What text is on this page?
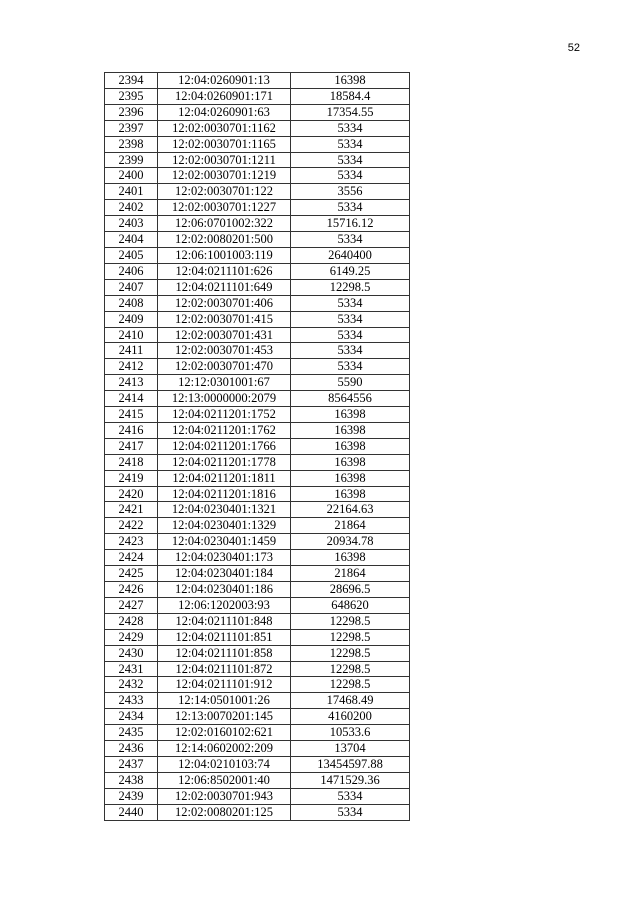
52
2394	12:04:0260901:13	16398
2395	12:04:0260901:171	18584.4
2396	12:04:0260901:63	17354.55
2397	12:02:0030701:1162	5334
2398	12:02:0030701:1165	5334
2399	12:02:0030701:1211	5334
2400	12:02:0030701:1219	5334
2401	12:02:0030701:122	3556
2402	12:02:0030701:1227	5334
2403	12:06:0701002:322	15716.12
2404	12:02:0080201:500	5334
2405	12:06:1001003:119	2640400
2406	12:04:0211101:626	6149.25
2407	12:04:0211101:649	12298.5
2408	12:02:0030701:406	5334
2409	12:02:0030701:415	5334
2410	12:02:0030701:431	5334
2411	12:02:0030701:453	5334
2412	12:02:0030701:470	5334
2413	12:12:0301001:67	5590
2414	12:13:0000000:2079	8564556
2415	12:04:0211201:1752	16398
2416	12:04:0211201:1762	16398
2417	12:04:0211201:1766	16398
2418	12:04:0211201:1778	16398
2419	12:04:0211201:1811	16398
2420	12:04:0211201:1816	16398
2421	12:04:0230401:1321	22164.63
2422	12:04:0230401:1329	21864
2423	12:04:0230401:1459	20934.78
2424	12:04:0230401:173	16398
2425	12:04:0230401:184	21864
2426	12:04:0230401:186	28696.5
2427	12:06:1202003:93	648620
2428	12:04:0211101:848	12298.5
2429	12:04:0211101:851	12298.5
2430	12:04:0211101:858	12298.5
2431	12:04:0211101:872	12298.5
2432	12:04:0211101:912	12298.5
2433	12:14:0501001:26	17468.49
2434	12:13:0070201:145	4160200
2435	12:02:0160102:621	10533.6
2436	12:14:0602002:209	13704
2437	12:04:0210103:74	13454597.88
2438	12:06:8502001:40	1471529.36
2439	12:02:0030701:943	5334
2440	12:02:0080201:125	5334
